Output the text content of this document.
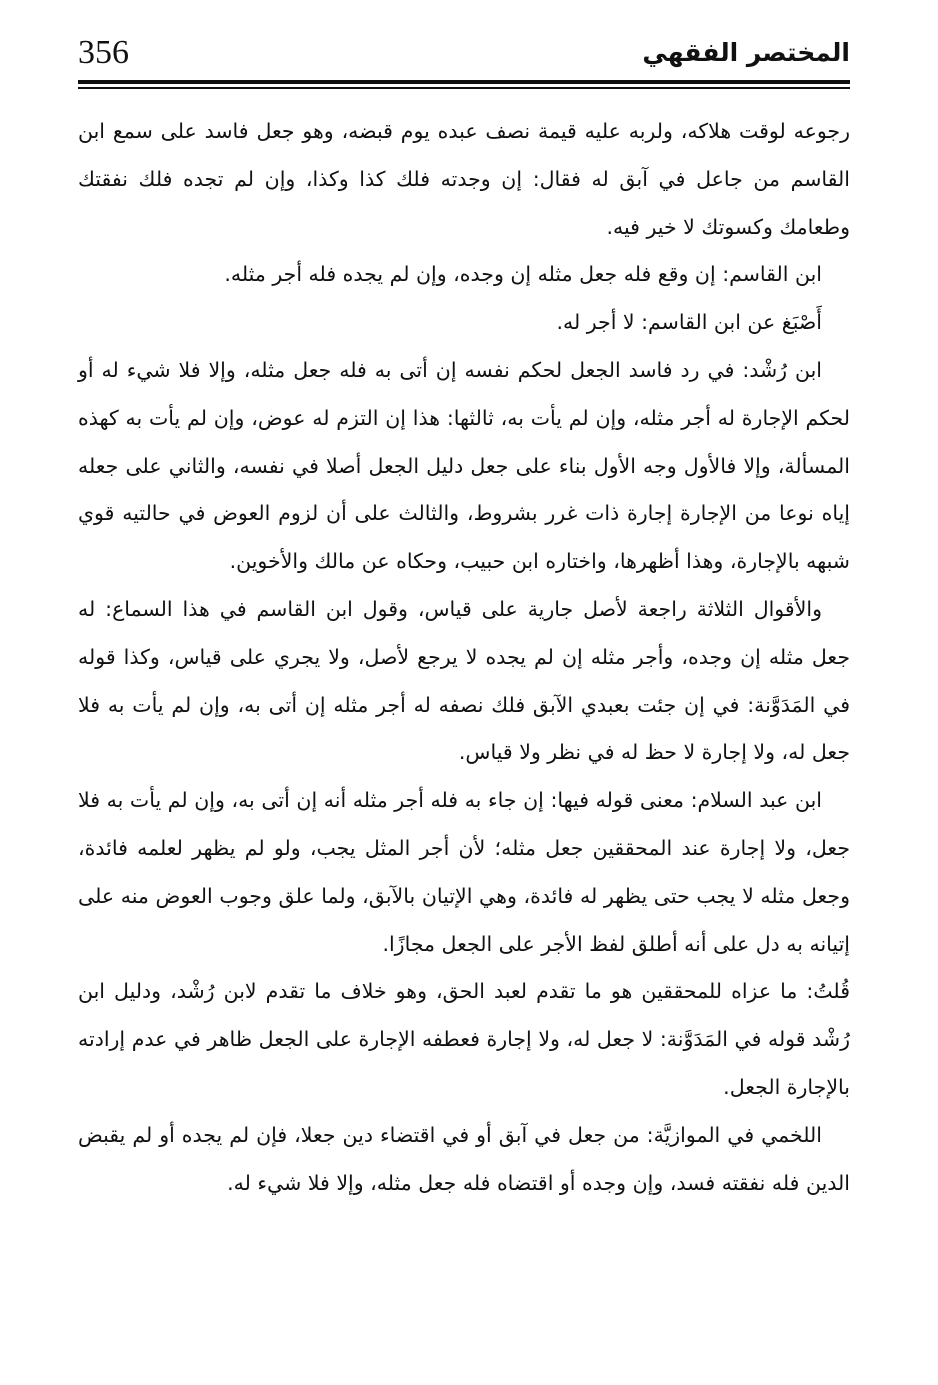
356	المختصر الفقهي

رجوعه لوقت هلاكه، ولربه عليه قيمة نصف عبده يوم قبضه، وهو جعل فاسد على سمع ابن القاسم من جاعل في آبق له فقال: إن وجدته فلك كذا وكذا، وإن لم تجده فلك نفقتك وطعامك وكسوتك لا خير فيه.

ابن القاسم: إن وقع فله جعل مثله إن وجده، وإن لم يجده فله أجر مثله.

أَصْبَغ عن ابن القاسم: لا أجر له.

ابن رُشْد: في رد فاسد الجعل لحكم نفسه إن أتى به فله جعل مثله، وإلا فلا شيء له أو لحكم الإجارة له أجر مثله، وإن لم يأت به، ثالثها: هذا إن التزم له عوض، وإن لم يأت به كهذه المسألة، وإلا فالأول وجه الأول بناء على جعل دليل الجعل أصلا في نفسه، والثاني على جعله إياه نوعا من الإجارة إجارة ذات غرر بشروط، والثالث على أن لزوم العوض في حالتيه قوي شبهه بالإجارة، وهذا أظهرها، واختاره ابن حبيب، وحكاه عن مالك والأخوين.

والأقوال الثلاثة راجعة لأصل جارية على قياس، وقول ابن القاسم في هذا السماع: له جعل مثله إن وجده، وأجر مثله إن لم يجده لا يرجع لأصل، ولا يجري على قياس، وكذا قوله في المَدَوَّنة: في إن جئت بعبدي الآبق فلك نصفه له أجر مثله إن أتى به، وإن لم يأت به فلا جعل له، ولا إجارة لا حظ له في نظر ولا قياس.

ابن عبد السلام: معنى قوله فيها: إن جاء به فله أجر مثله أنه إن أتى به، وإن لم يأت به فلا جعل، ولا إجارة عند المحققين جعل مثله؛ لأن أجر المثل يجب، ولو لم يظهر لعلمه فائدة، وجعل مثله لا يجب حتى يظهر له فائدة، وهي الإتيان بالآبق، ولما علق وجوب العوض منه على إتيانه به دل على أنه أطلق لفظ الأجر على الجعل مجازًا.

قُلتُ: ما عزاه للمحققين هو ما تقدم لعبد الحق، وهو خلاف ما تقدم لابن رُشْد، ودليل ابن رُشْد قوله في المَدَوَّنة: لا جعل له، ولا إجارة فعطفه الإجارة على الجعل ظاهر في عدم إرادته بالإجارة الجعل.

اللخمي في الموازيَّة: من جعل في آبق أو في اقتضاء دين جعلا، فإن لم يجده أو لم يقبض الدين فله نفقته فسد، وإن وجده أو اقتضاه فله جعل مثله، وإلا فلا شيء له.
